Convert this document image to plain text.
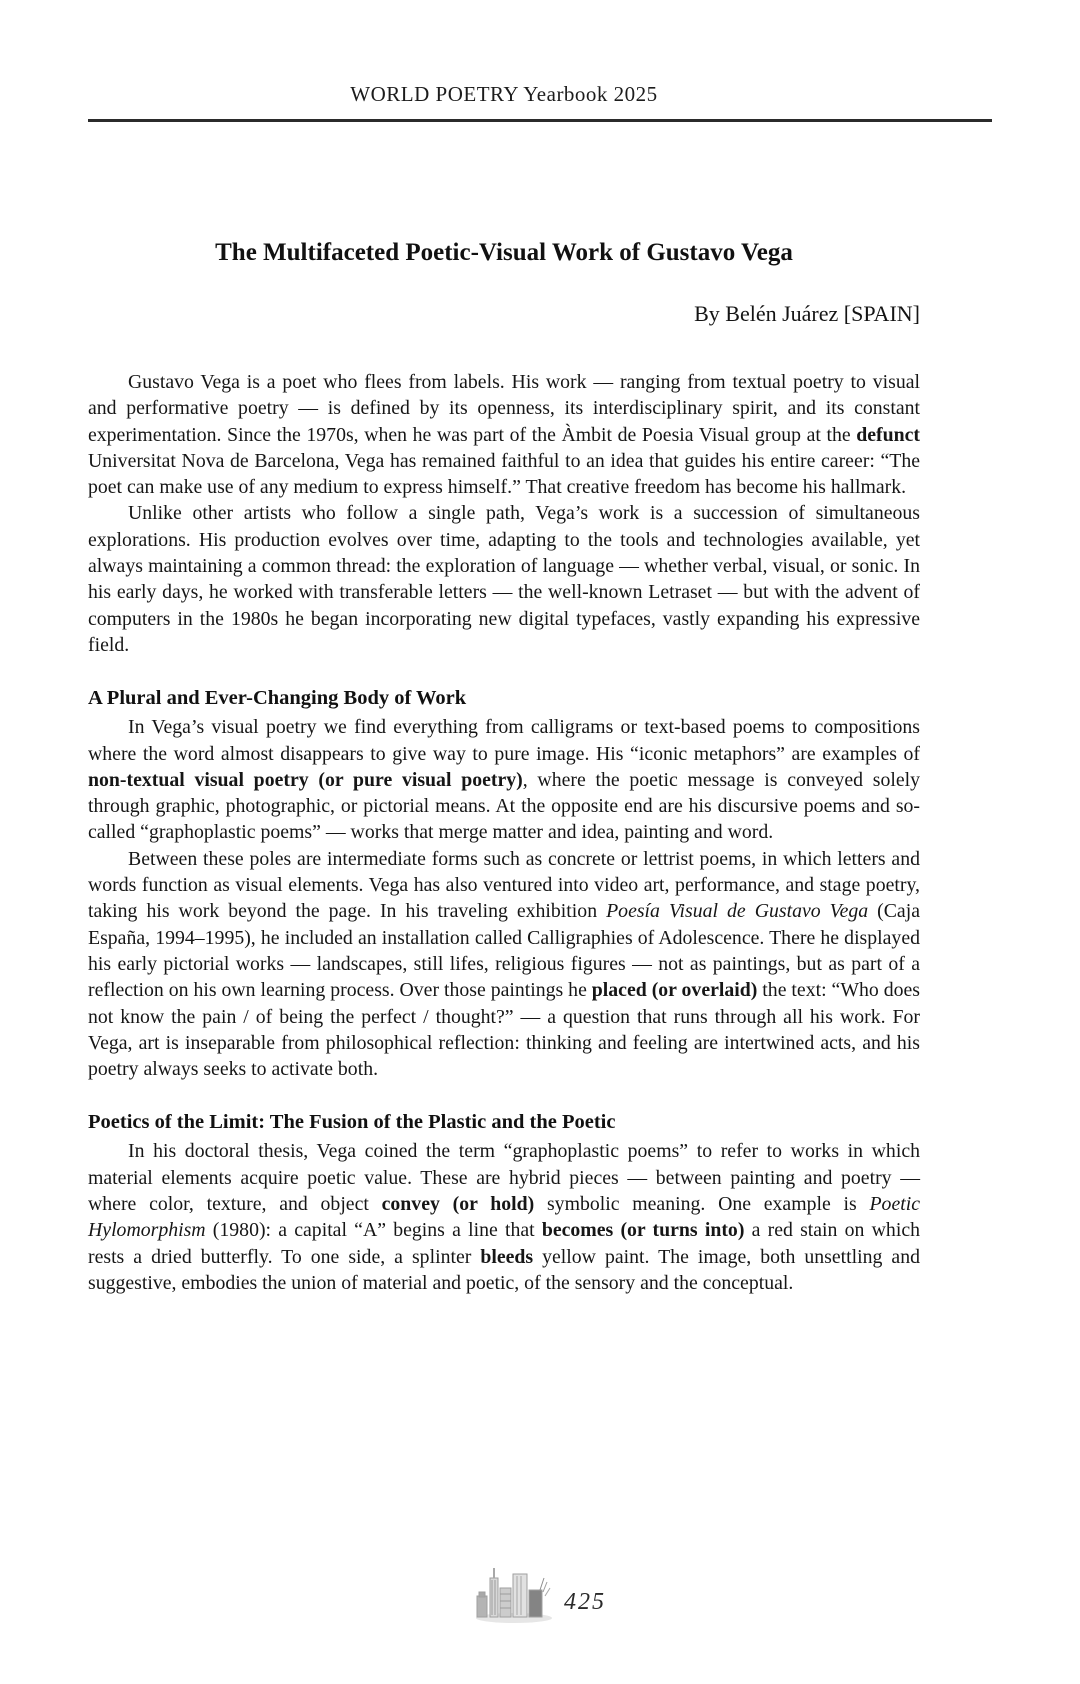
WORLD POETRY Yearbook 2025
The Multifaceted Poetic-Visual Work of Gustavo Vega
By Belén Juárez [SPAIN]

Gustavo Vega is a poet who flees from labels. His work — ranging from textual poetry to visual and performative poetry — is defined by its openness, its interdisciplinary spirit, and its constant experimentation. Since the 1970s, when he was part of the Àmbit de Poesia Visual group at the defunct Universitat Nova de Barcelona, Vega has remained faithful to an idea that guides his entire career: “The poet can make use of any medium to express himself.” That creative freedom has become his hallmark.

Unlike other artists who follow a single path, Vega’s work is a succession of simultaneous explorations. His production evolves over time, adapting to the tools and technologies available, yet always maintaining a common thread: the exploration of language — whether verbal, visual, or sonic. In his early days, he worked with transferable letters — the well-known Letraset — but with the advent of computers in the 1980s he began incorporating new digital typefaces, vastly expanding his expressive field.

A Plural and Ever-Changing Body of Work

In Vega’s visual poetry we find everything from calligrams or text-based poems to compositions where the word almost disappears to give way to pure image. His “iconic metaphors” are examples of non-textual visual poetry (or pure visual poetry), where the poetic message is conveyed solely through graphic, photographic, or pictorial means. At the opposite end are his discursive poems and so-called “graphoplastic poems” — works that merge matter and idea, painting and word.

Between these poles are intermediate forms such as concrete or lettrist poems, in which letters and words function as visual elements. Vega has also ventured into video art, performance, and stage poetry, taking his work beyond the page. In his traveling exhibition Poesía Visual de Gustavo Vega (Caja España, 1994–1995), he included an installation called Calligraphies of Adolescence. There he displayed his early pictorial works — landscapes, still lifes, religious figures — not as paintings, but as part of a reflection on his own learning process. Over those paintings he placed (or overlaid) the text: “Who does not know the pain / of being the perfect / thought?” — a question that runs through all his work. For Vega, art is inseparable from philosophical reflection: thinking and feeling are intertwined acts, and his poetry always seeks to activate both.

Poetics of the Limit: The Fusion of the Plastic and the Poetic

In his doctoral thesis, Vega coined the term “graphoplastic poems” to refer to works in which material elements acquire poetic value. These are hybrid pieces — between painting and poetry — where color, texture, and object convey (or hold) symbolic meaning. One example is Poetic Hylomorphism (1980): a capital “A” begins a line that becomes (or turns into) a red stain on which rests a dried butterfly. To one side, a splinter bleeds yellow paint. The image, both unsettling and suggestive, embodies the union of material and poetic, of the sensory and the conceptual.

425
